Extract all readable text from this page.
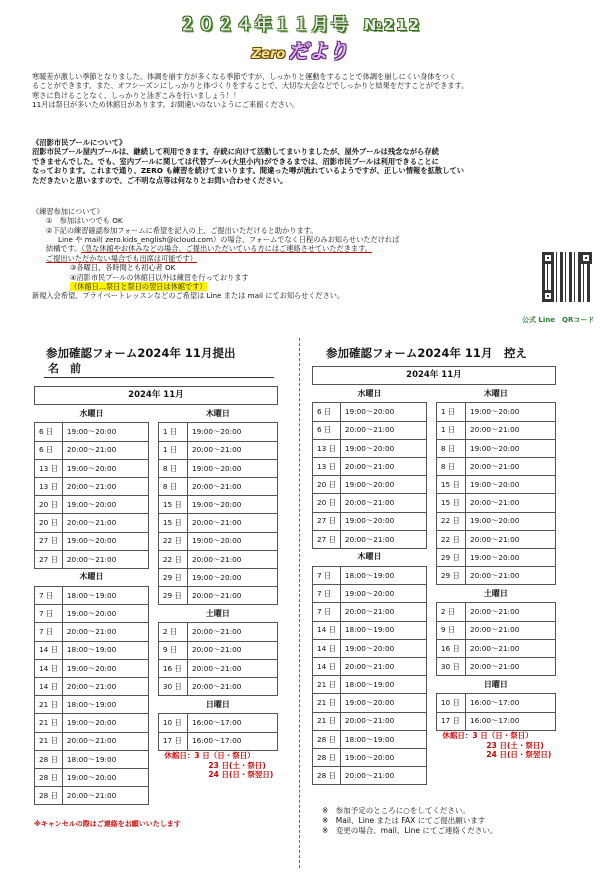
２０２４年１１月号 №212
Zero だより

寒暖差が激しい季節となりました。体調を崩す方が多くなる季節ですが、しっかりと運動をすることで体調を崩しにくい身体をつく

ることができます。また、オフシーズンにしっかりと体づくりをすることで、大切な大会などでしっかりと結果をだすことができます。

寒さに負けることなく、しっかりと泳ぎこみを行いましょう！！

11月は祭日が多いため休館日があります。お間違いのないようにご来館ください。

《沼影市民プールについて》
沼影市民プール屋内プールは、継続して利用できます。存続に向けて活動してまいりましたが、屋外プールは残念ながら存続
できませんでした。でも、室内プールに関しては代替プール(大里小内)ができるまでは、沼影市民プールは利用できることに
なっております。これまで通り、ZERO も練習を続けてまいります。間違った噂が流れているようですが、正しい情報を拡散してい
ただきたいと思いますので、ご不明な点等は何なりとお問い合わせください。
《練習参加について》
①　参加はいつでも OK
②下記の練習確認参加フォームに希望を記入の上、ご提出いただけると助かります。
Line や mail( zero.kids_english@icloud.com）の場合、フォームでなく日程のみお知らせいただければ
結構です。（急な休館やお休みなどの場合、ご提出いただいている方にはご連絡させていただきます。
ご提出いただかない場合でも出席は可能です）
③各曜日、各時間とも初心者 OK
④沼影市民プールの休館日以外は練習を行っております
（休館日…祭日と祭日の翌日は休館です）
新規入会希望、プライベートレッスンなどのご希望は Line または mail にてお知らせください。
公式 Line　QRコード
参加確認フォーム2024年 11月提出
名　前
参加確認フォーム2024年 11月　控え
2024年 11月				
水曜日			木曜日	
6 日	19:00～20:00		1 日	19:00～20:00
6 日	20:00～21:00		1 日	20:00～21:00
13 日	19:00～20:00		8 日	19:00～20:00
13 日	20:00～21:00		8 日	20:00～21:00
20 日	19:00～20:00		15 日	19:00～20:00
20 日	20:00～21:00		15 日	20:00～21:00
27 日	19:00～20:00		22 日	19:00～20:00
27 日	20:00～21:00		22 日	20:00～21:00
木曜日			29 日	19:00～20:00
7 日	18:00～19:00		29 日	20:00～21:00
7 日	19:00～20:00		土曜日	
7 日	20:00～21:00		2 日	20:00～21:00
14 日	18:00～19:00		9 日	20:00～21:00
14 日	19:00～20:00		16 日	20:00～21:00
14 日	20:00～21:00		30 日	20:00～21:00
21 日	18:00～19:00		日曜日	
21 日	19:00～20:00		10 日	16:00～17:00
21 日	20:00～21:00		17 日	16:00～17:00
28 日	18:00～19:00		休館日：3 日（日・祭日）
23 日(土・祭日)
24 日(日・祭翌日)	

28 日	19:00～20:00			
28 日	20:00～21:00			
2024年 11月				
水曜日			木曜日	
6 日	19:00～20:00		1 日	19:00～20:00
6 日	20:00～21:00		1 日	20:00～21:00
13 日	19:00～20:00		8 日	19:00～20:00
13 日	20:00～21:00		8 日	20:00～21:00
20 日	19:00～20:00		15 日	19:00～20:00
20 日	20:00～21:00		15 日	20:00～21:00
27 日	19:00～20:00		22 日	19:00～20:00
27 日	20:00～21:00		22 日	20:00～21:00
木曜日			29 日	19:00～20:00
7 日	18:00～19:00		29 日	20:00～21:00
7 日	19:00～20:00		土曜日	
7 日	20:00～21:00		2 日	20:00～21:00
14 日	18:00～19:00		9 日	20:00～21:00
14 日	19:00～20:00		16 日	20:00～21:00
14 日	20:00～21:00		30 日	20:00～21:00
21 日	18:00～19:00		日曜日	
21 日	19:00～20:00		10 日	16:00～17:00
21 日	20:00～21:00		17 日	16:00～17:00
28 日	18:00～19:00		休館日：3 日（日・祭日）
23 日(土・祭日)
24 日(日・祭翌日)	

28 日	19:00～20:00			
28 日	20:00～21:00			
※キャンセルの際はご連絡をお願いいたします
※　参加予定のところに○をしてください。
※　Mail、Line または FAX にてご提出願います
※　変更の場合、mail、Line にてご連絡ください。
